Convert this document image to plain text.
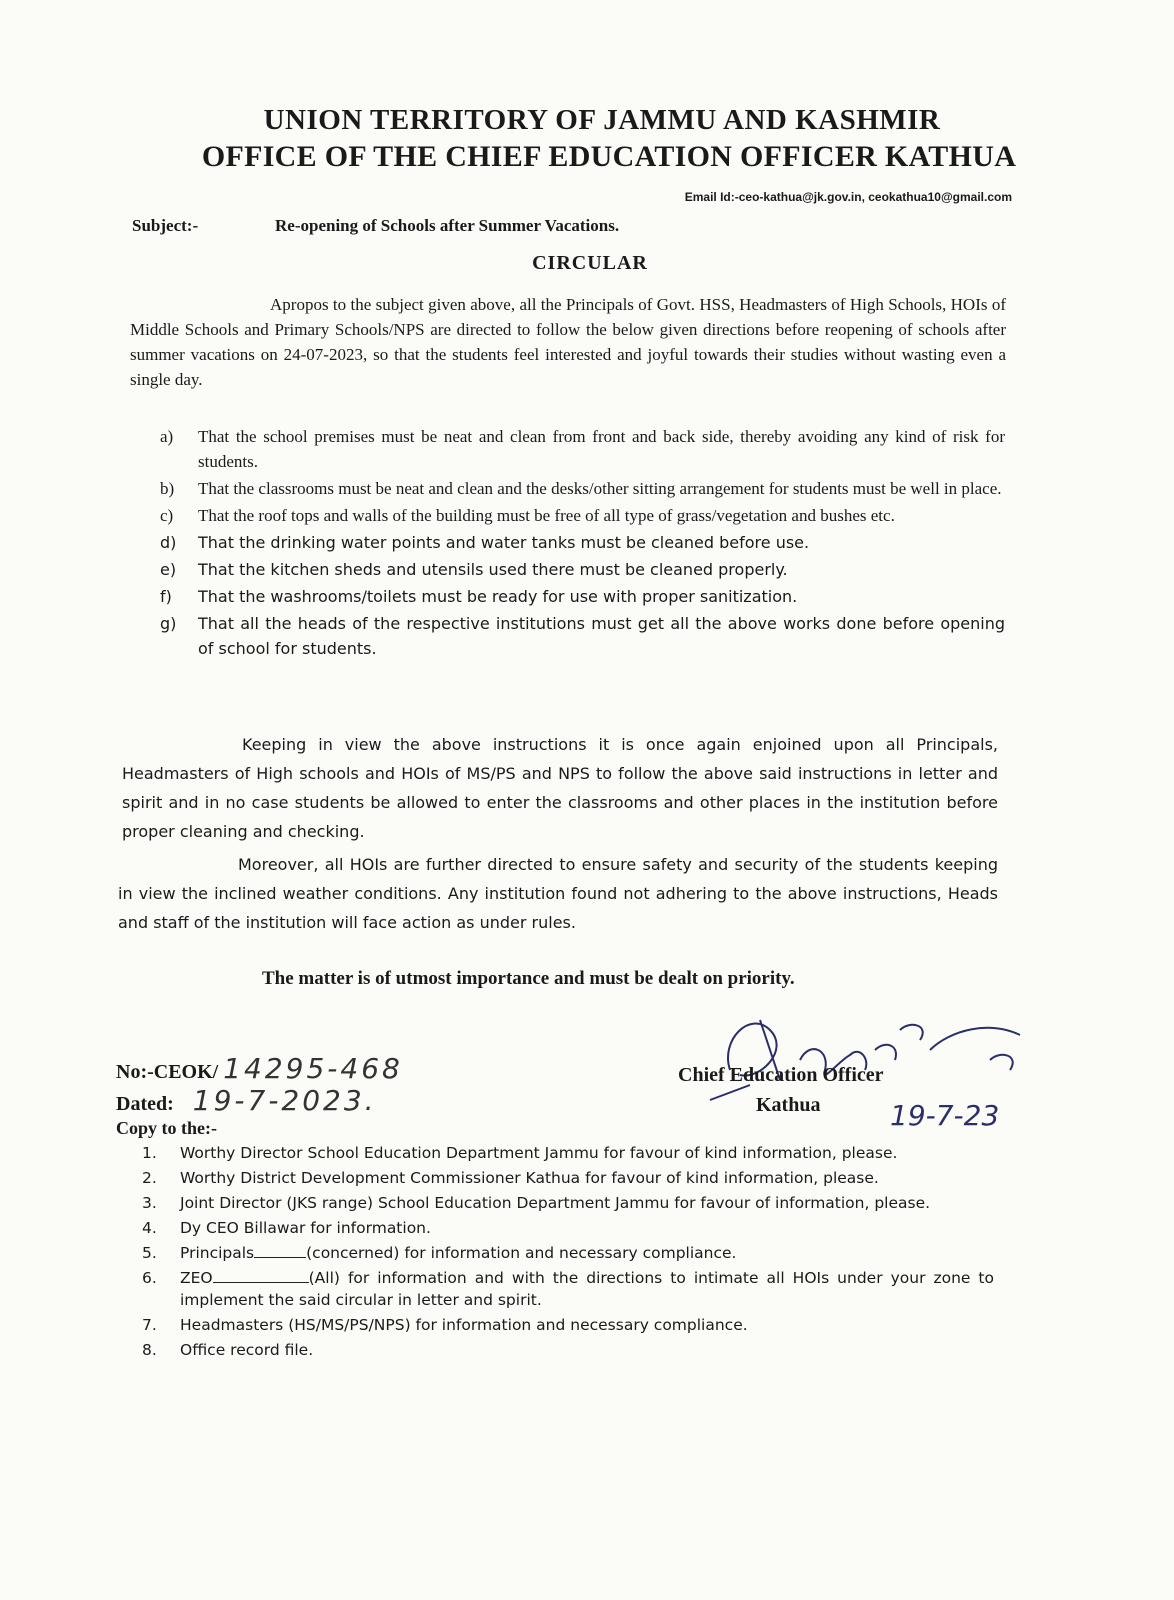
UNION TERRITORY OF JAMMU AND KASHMIR
OFFICE OF THE CHIEF EDUCATION OFFICER KATHUA
Email Id:-ceo-kathua@jk.gov.in, ceokathua10@gmail.com
Subject:-	Re-opening of Schools after Summer Vacations.
CIRCULAR
Apropos to the subject given above, all the Principals of Govt. HSS, Headmasters of High Schools, HOIs of Middle Schools and Primary Schools/NPS are directed to follow the below given directions before reopening of schools after summer vacations on 24-07-2023, so that the students feel interested and joyful towards their studies without wasting even a single day.
a) That the school premises must be neat and clean from front and back side, thereby avoiding any kind of risk for students.
b) That the classrooms must be neat and clean and the desks/other sitting arrangement for students must be well in place.
c) That the roof tops and walls of the building must be free of all type of grass/vegetation and bushes etc.
d) That the drinking water points and water tanks must be cleaned before use.
e) That the kitchen sheds and utensils used there must be cleaned properly.
f) That the washrooms/toilets must be ready for use with proper sanitization.
g) That all the heads of the respective institutions must get all the above works done before opening of school for students.
Keeping in view the above instructions it is once again enjoined upon all Principals, Headmasters of High schools and HOIs of MS/PS and NPS to follow the above said instructions in letter and spirit and in no case students be allowed to enter the classrooms and other places in the institution before proper cleaning and checking.
Moreover, all HOIs are further directed to ensure safety and security of the students keeping in view the inclined weather conditions. Any institution found not adhering to the above instructions, Heads and staff of the institution will face action as under rules.
The matter is of utmost importance and must be dealt on priority.
No:-CEOK/ 14295-468
Dated: 19-7-2023.	19-7-23
Chief Education Officer
Kathua
Copy to the:-
1. Worthy Director School Education Department Jammu for favour of kind information, please.
2. Worthy District Development Commissioner Kathua for favour of kind information, please.
3. Joint Director (JKS range) School Education Department Jammu for favour of information, please.
4. Dy CEO Billawar for information.
5. Principals	(concerned) for information and necessary compliance.
6. ZEO	(All) for information and with the directions to intimate all HOIs under your zone to implement the said circular in letter and spirit.
7. Headmasters (HS/MS/PS/NPS) for information and necessary compliance.
8. Office record file.
